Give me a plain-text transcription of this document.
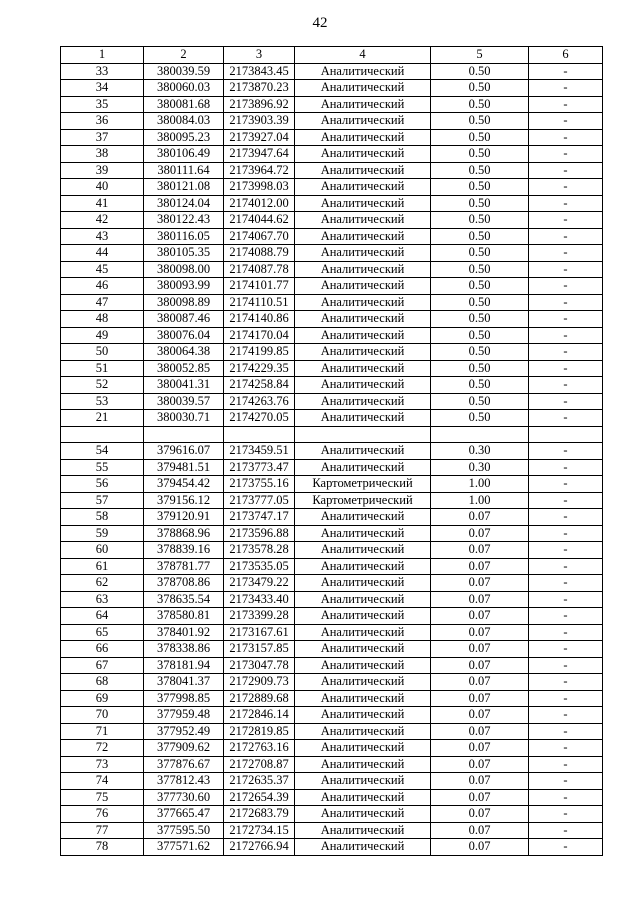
42
1	2	3	4	5	6
33	380039.59	2173843.45	Аналитический	0.50	-
34	380060.03	2173870.23	Аналитический	0.50	-
35	380081.68	2173896.92	Аналитический	0.50	-
36	380084.03	2173903.39	Аналитический	0.50	-
37	380095.23	2173927.04	Аналитический	0.50	-
38	380106.49	2173947.64	Аналитический	0.50	-
39	380111.64	2173964.72	Аналитический	0.50	-
40	380121.08	2173998.03	Аналитический	0.50	-
41	380124.04	2174012.00	Аналитический	0.50	-
42	380122.43	2174044.62	Аналитический	0.50	-
43	380116.05	2174067.70	Аналитический	0.50	-
44	380105.35	2174088.79	Аналитический	0.50	-
45	380098.00	2174087.78	Аналитический	0.50	-
46	380093.99	2174101.77	Аналитический	0.50	-
47	380098.89	2174110.51	Аналитический	0.50	-
48	380087.46	2174140.86	Аналитический	0.50	-
49	380076.04	2174170.04	Аналитический	0.50	-
50	380064.38	2174199.85	Аналитический	0.50	-
51	380052.85	2174229.35	Аналитический	0.50	-
52	380041.31	2174258.84	Аналитический	0.50	-
53	380039.57	2174263.76	Аналитический	0.50	-
21	380030.71	2174270.05	Аналитический	0.50	-

54	379616.07	2173459.51	Аналитический	0.30	-
55	379481.51	2173773.47	Аналитический	0.30	-
56	379454.42	2173755.16	Картометрический	1.00	-
57	379156.12	2173777.05	Картометрический	1.00	-
58	379120.91	2173747.17	Аналитический	0.07	-
59	378868.96	2173596.88	Аналитический	0.07	-
60	378839.16	2173578.28	Аналитический	0.07	-
61	378781.77	2173535.05	Аналитический	0.07	-
62	378708.86	2173479.22	Аналитический	0.07	-
63	378635.54	2173433.40	Аналитический	0.07	-
64	378580.81	2173399.28	Аналитический	0.07	-
65	378401.92	2173167.61	Аналитический	0.07	-
66	378338.86	2173157.85	Аналитический	0.07	-
67	378181.94	2173047.78	Аналитический	0.07	-
68	378041.37	2172909.73	Аналитический	0.07	-
69	377998.85	2172889.68	Аналитический	0.07	-
70	377959.48	2172846.14	Аналитический	0.07	-
71	377952.49	2172819.85	Аналитический	0.07	-
72	377909.62	2172763.16	Аналитический	0.07	-
73	377876.67	2172708.87	Аналитический	0.07	-
74	377812.43	2172635.37	Аналитический	0.07	-
75	377730.60	2172654.39	Аналитический	0.07	-
76	377665.47	2172683.79	Аналитический	0.07	-
77	377595.50	2172734.15	Аналитический	0.07	-
78	377571.62	2172766.94	Аналитический	0.07	-
